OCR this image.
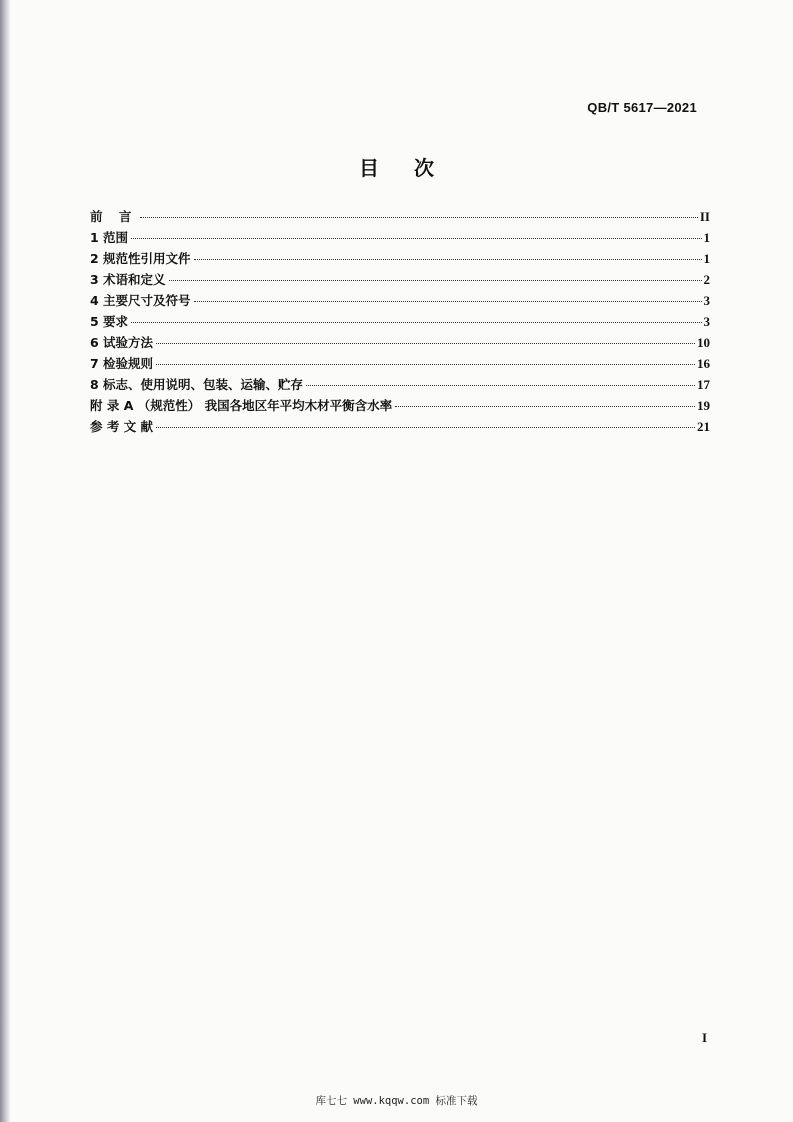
QB/T 5617—2021
目 次
前 言	II
1 范围	1
2 规范性引用文件	1
3 术语和定义	2
4 主要尺寸及符号	3
5 要求	3
6 试验方法	10
7 检验规则	16
8 标志、使用说明、包装、运输、贮存	17
附 录 A （规范性） 我国各地区年平均木材平衡含水率	19
参 考 文 献	21
I
库七七 www.kqqw.com 标准下载
